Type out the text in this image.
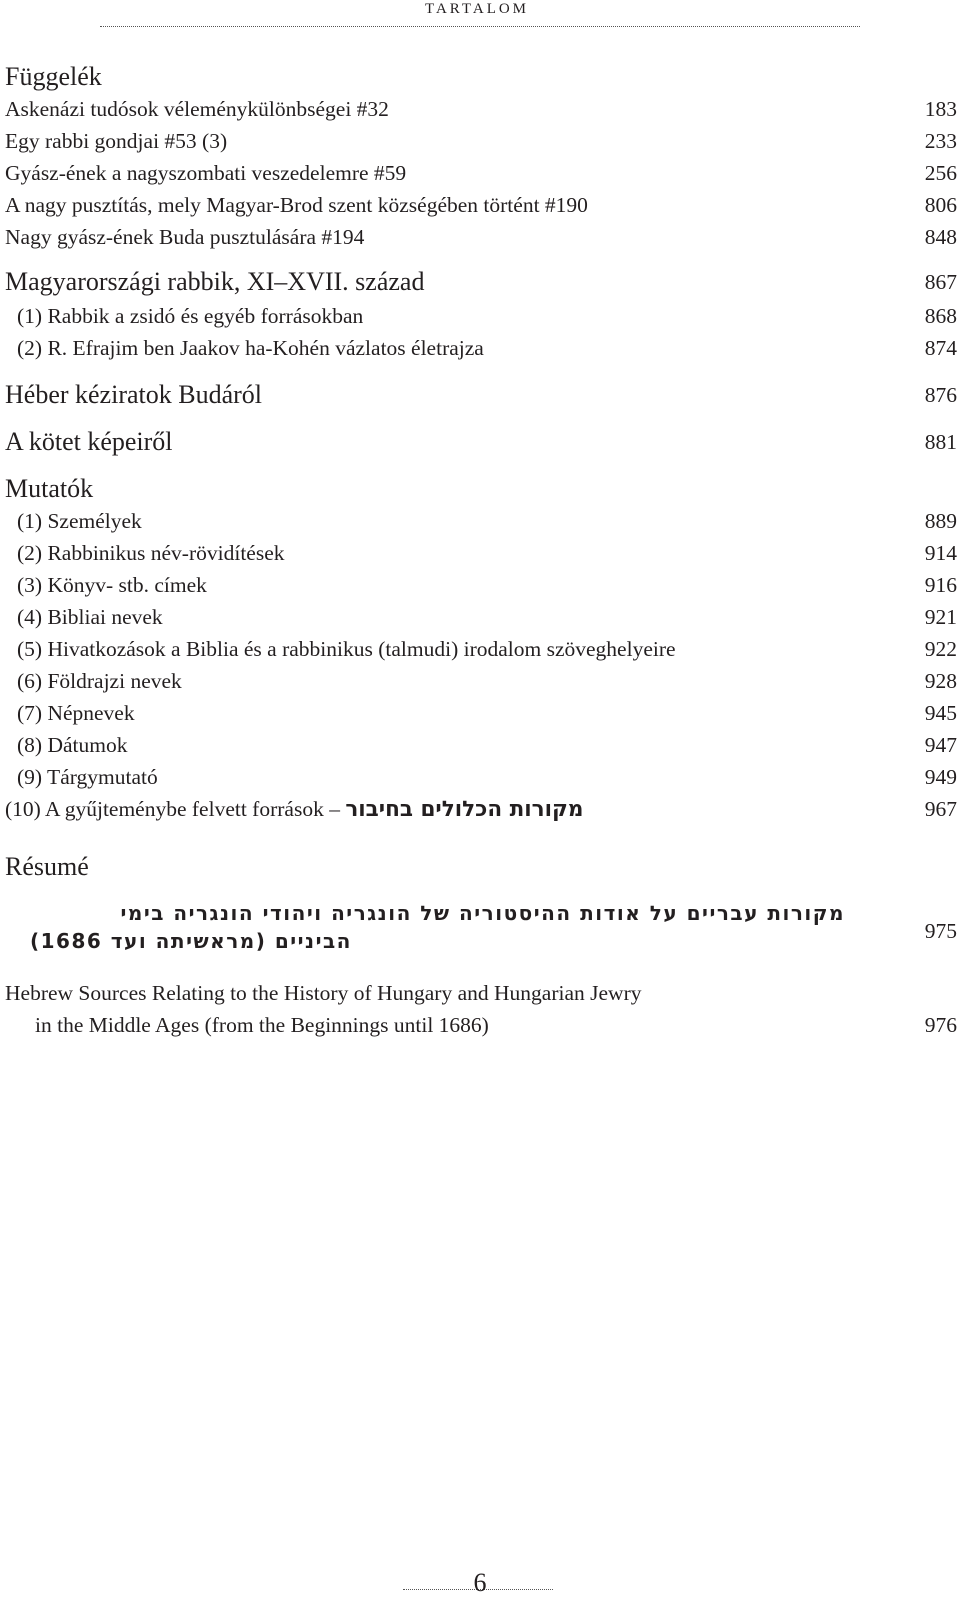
TARTALOM
Függelék
Askenázi tudósok véleménykülönbségei #32	183
Egy rabbi gondjai #53 (3)	233
Gyász-ének a nagyszombati veszedelemre #59	256
A nagy pusztítás, mely Magyar-Brod szent községében történt #190	806
Nagy gyász-ének Buda pusztulására #194	848
Magyarországi rabbik, XI–XVII. század	867
(1) Rabbik a zsidó és egyéb forrásokban	868
(2) R. Efrajim ben Jaakov ha-Kohén vázlatos életrajza	874
Héber kéziratok Budáról	876
A kötet képeiről	881
Mutatók
(1) Személyek	889
(2) Rabbinikus név-rövidítések	914
(3) Könyv- stb. címek	916
(4) Bibliai nevek	921
(5) Hivatkozások a Biblia és a rabbinikus (talmudi) irodalom szöveghelyeire	922
(6) Földrajzi nevek	928
(7) Népnevek	945
(8) Dátumok	947
(9) Tárgymutató	949
(10) A gyűjteménybe felvett források – מקורות הכלולים בחיבור	967
Résumé
מקורות עבריים על אודות ההיסטוריה של הונגריה ויהודי הונגריה בימי
הביניים (מראשיתה ועד 1686)	975
Hebrew Sources Relating to the History of Hungary and Hungarian Jewry
in the Middle Ages (from the Beginnings until 1686)	976
6
